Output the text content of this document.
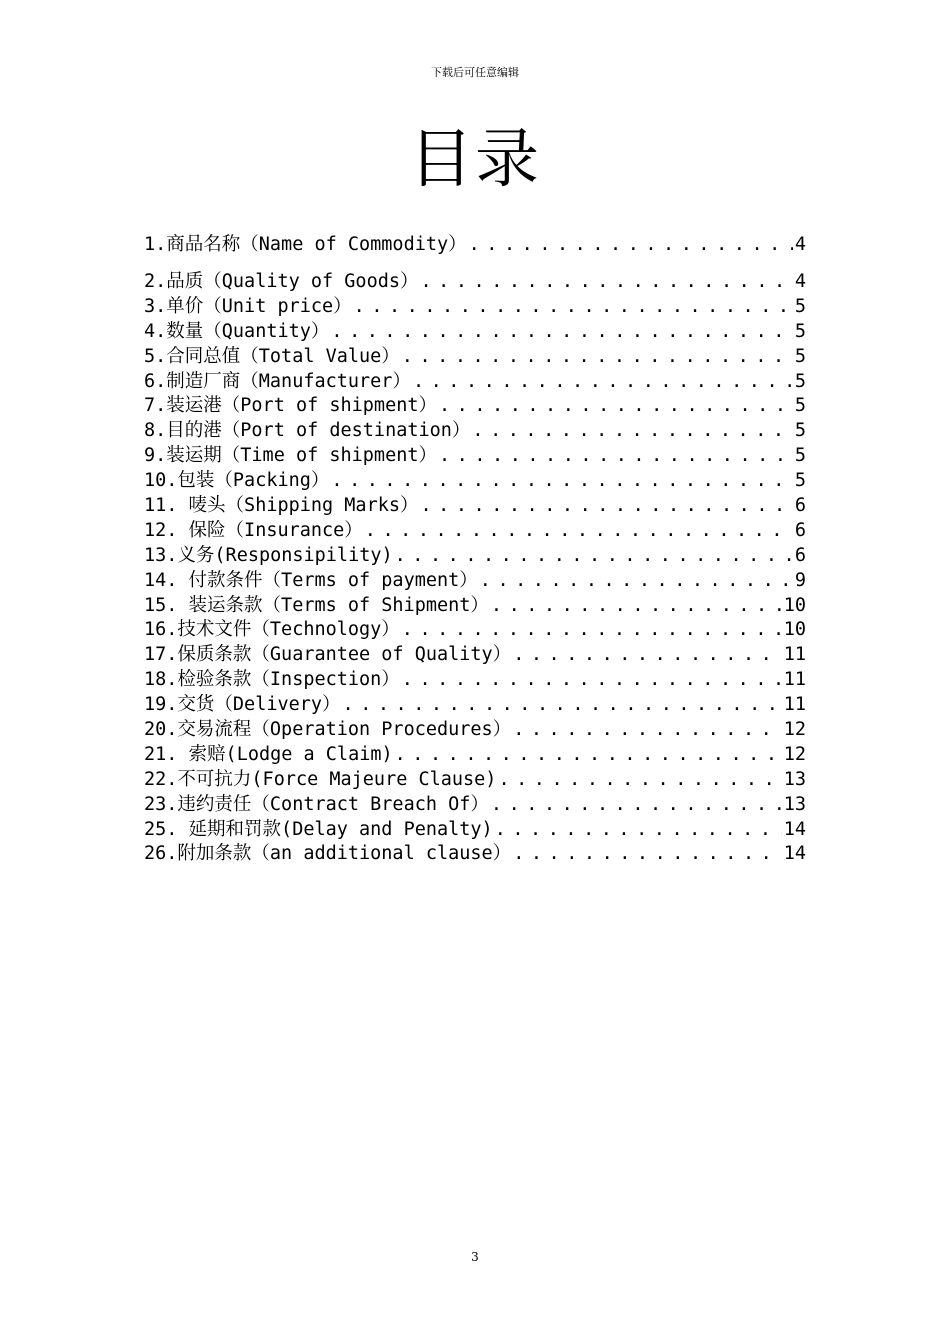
下载后可任意编辑
目录
1.商品名称（Name of Commodity） . . .	4
2.品质（Quality of Goods） . . .	4
3.单价（Unit price） . . .	5
4.数量（Quantity） . . .	5
5.合同总值（Total Value） . . .	5
6.制造厂商（Manufacturer） . . .	5
7.装运港（Port of shipment） . . .	5
8.目的港（Port of destination） . . .	5
9.装运期（Time of shipment） . . .	5
10.包装（Packing） . . .	5
11. 唛头（Shipping Marks） . . .	6
12. 保险（Insurance） . . .	6
13.义务(Responsipility) . . .	6
14. 付款条件（Terms of payment） . . .	9
15. 装运条款（Terms of Shipment） . . .	10
16.技术文件（Technology） . . .	10
17.保质条款（Guarantee of Quality） . . .	11
18.检验条款（Inspection） . . .	11
19.交货（Delivery） . . .	11
20.交易流程（Operation Procedures） . . .	12
21. 索赔(Lodge a Claim) . . .	12
22.不可抗力(Force Majeure Clause) . . .	13
23.违约责任（Contract Breach Of） . . .	13
25. 延期和罚款(Delay and Penalty) . . .	14
26.附加条款（an additional clause） . . .	14
3
